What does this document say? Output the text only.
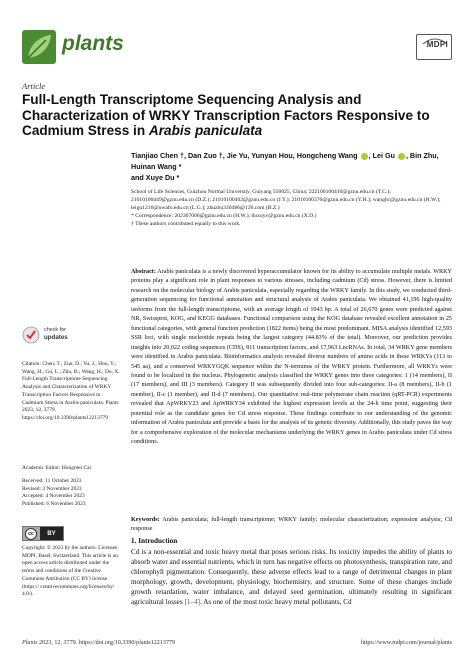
plants	MDPI
Article
Full-Length Transcriptome Sequencing Analysis and Characterization of WRKY Transcription Factors Responsive to Cadmium Stress in Arabis paniculata
Tianjiao Chen †, Dan Zuo †, Jie Yu, Yunyan Hou, Hongcheng Wang , Lei Gu , Bin Zhu, Huinan Wang *
and Xuye Du *
School of Life Sciences, Guizhou Normal University, Guiyang 550025, China; 222100100410@gznu.edu.cn (T.C.); 21010100449@gznu.edu.cn (D.Z.); 21010100402@gznu.edu.cn (J.Y.); 21010100376@gznu.edu.cn (Y.H.); wanghc@gznu.edu.cn (H.W.); leigu1216@nwafu.edu.cn (L.G.); zhuzhu330486@126.com (B.Z.)
* Correspondence: 202307006@gznu.edu.cn (H.W.); duxuyv@gznu.edu.cn (X.D.)
† These authors contributed equally to this work.
Abstract: Arabis paniculata is a newly discovered hyperaccumulator known for its ability to accumulate multiple metals. WRKY proteins play a significant role in plant responses to various stresses, including cadmium (Cd) stress. However, there is limited research on the molecular biology of Arabis paniculata, especially regarding the WRKY family. In this study, we conducted third-generation sequencing for functional annotation and structural analysis of Arabis paniculata. We obtained 41,196 high-quality isoforms from the full-length transcriptome, with an average length of 1043 bp. A total of 26,670 genes were predicted against NR, Swissprot, KOG, and KEGG databases. Functional comparison using the KOG database revealed excellent annotation in 25 functional categories, with general function prediction (1822 items) being the most predominant. MISA analysis identified 12,593 SSR loci, with single nucleotide repeats being the largest category (44.83% of the total). Moreover, our prediction provides insights into 20,022 coding sequences (CDS), 811 transcription factors, and 17,963 LncRNAs. In total, 34 WRKY gene members were identified in Arabis paniculata. Bioinformatics analysis revealed diverse numbers of amino acids in these WRKYs (113 to 545 aa), and a conserved WRKYGQK sequence within the N-terminus of the WRKY protein. Furthermore, all WRKYs were found to be localized in the nucleus. Phylogenetic analysis classified the WRKY genes into three categories: 1 (14 members), II (17 members), and III (3 members). Category II was subsequently divided into four sub-categories: II-a (8 members), II-b (1 member), II-c (1 member), and II-d (7 members). Our quantitative real-time polymerase chain reaction (qRT-PCR) experiments revealed that ApWRKY23 and ApWRKY34 exhibited the highest expression levels at the 24-h time point, suggesting their potential role as the candidate genes for Cd stress response. These findings contribute to our understanding of the genomic information of Arabis paniculata and provide a basis for the analysis of its genetic diversity. Additionally, this study paves the way for a comprehensive exploration of the molecular mechanisms underlying the WRKY genes in Arabis paniculata under Cd stress conditions.
Keywords: Arabis paniculata; full-length transcriptome; WRKY family; molecular characterization; expression analysis; Cd response
1. Introduction
Cd is a non-essential and toxic heavy metal that poses serious risks. Its toxicity impedes the ability of plants to absorb water and essential nutrients, which in turn has negative effects on photosynthesis, transpiration rate, and chlorophyll pigmentation. Consequently, these adverse effects lead to a range of detrimental changes in plant morphology, growth, development, physiology, biochemistry, and structure. Some of these changes include growth retardation, water imbalance, and delayed seed germination, ultimately resulting in significant agricultural losses [1–4]. As one of the most toxic heavy metal pollutants, Cd
check for
updates
Citation: Chen, T.; Zuo, D.; Yu, J.; Hou, Y.; Wang, H.; Gu, L.; Zhu, B.; Wang, H.; Du, X. Full-Length Transcriptome Sequencing Analysis and Characterization of WRKY Transcription Factors Responsive to Cadmium Stress in Arabis paniculata. Plants 2023, 12, 3779. https://doi.org/10.3390/plants12213779
Academic Editor: Hongmei Cai
Received: 11 October 2023
Revised: 3 November 2023
Accepted: 4 November 2023
Published: 6 November 2023
cc	BY
Copyright: © 2023 by the authors. Licensee MDPI, Basel, Switzerland. This article is an open access article distributed under the terms and conditions of the Creative Commons Attribution (CC BY) license (https:// creativecommons.org/licenses/by/ 4.0/).
Plants 2023, 12, 3779. https://doi.org/10.3390/plants12213779	https://www.mdpi.com/journal/plants
